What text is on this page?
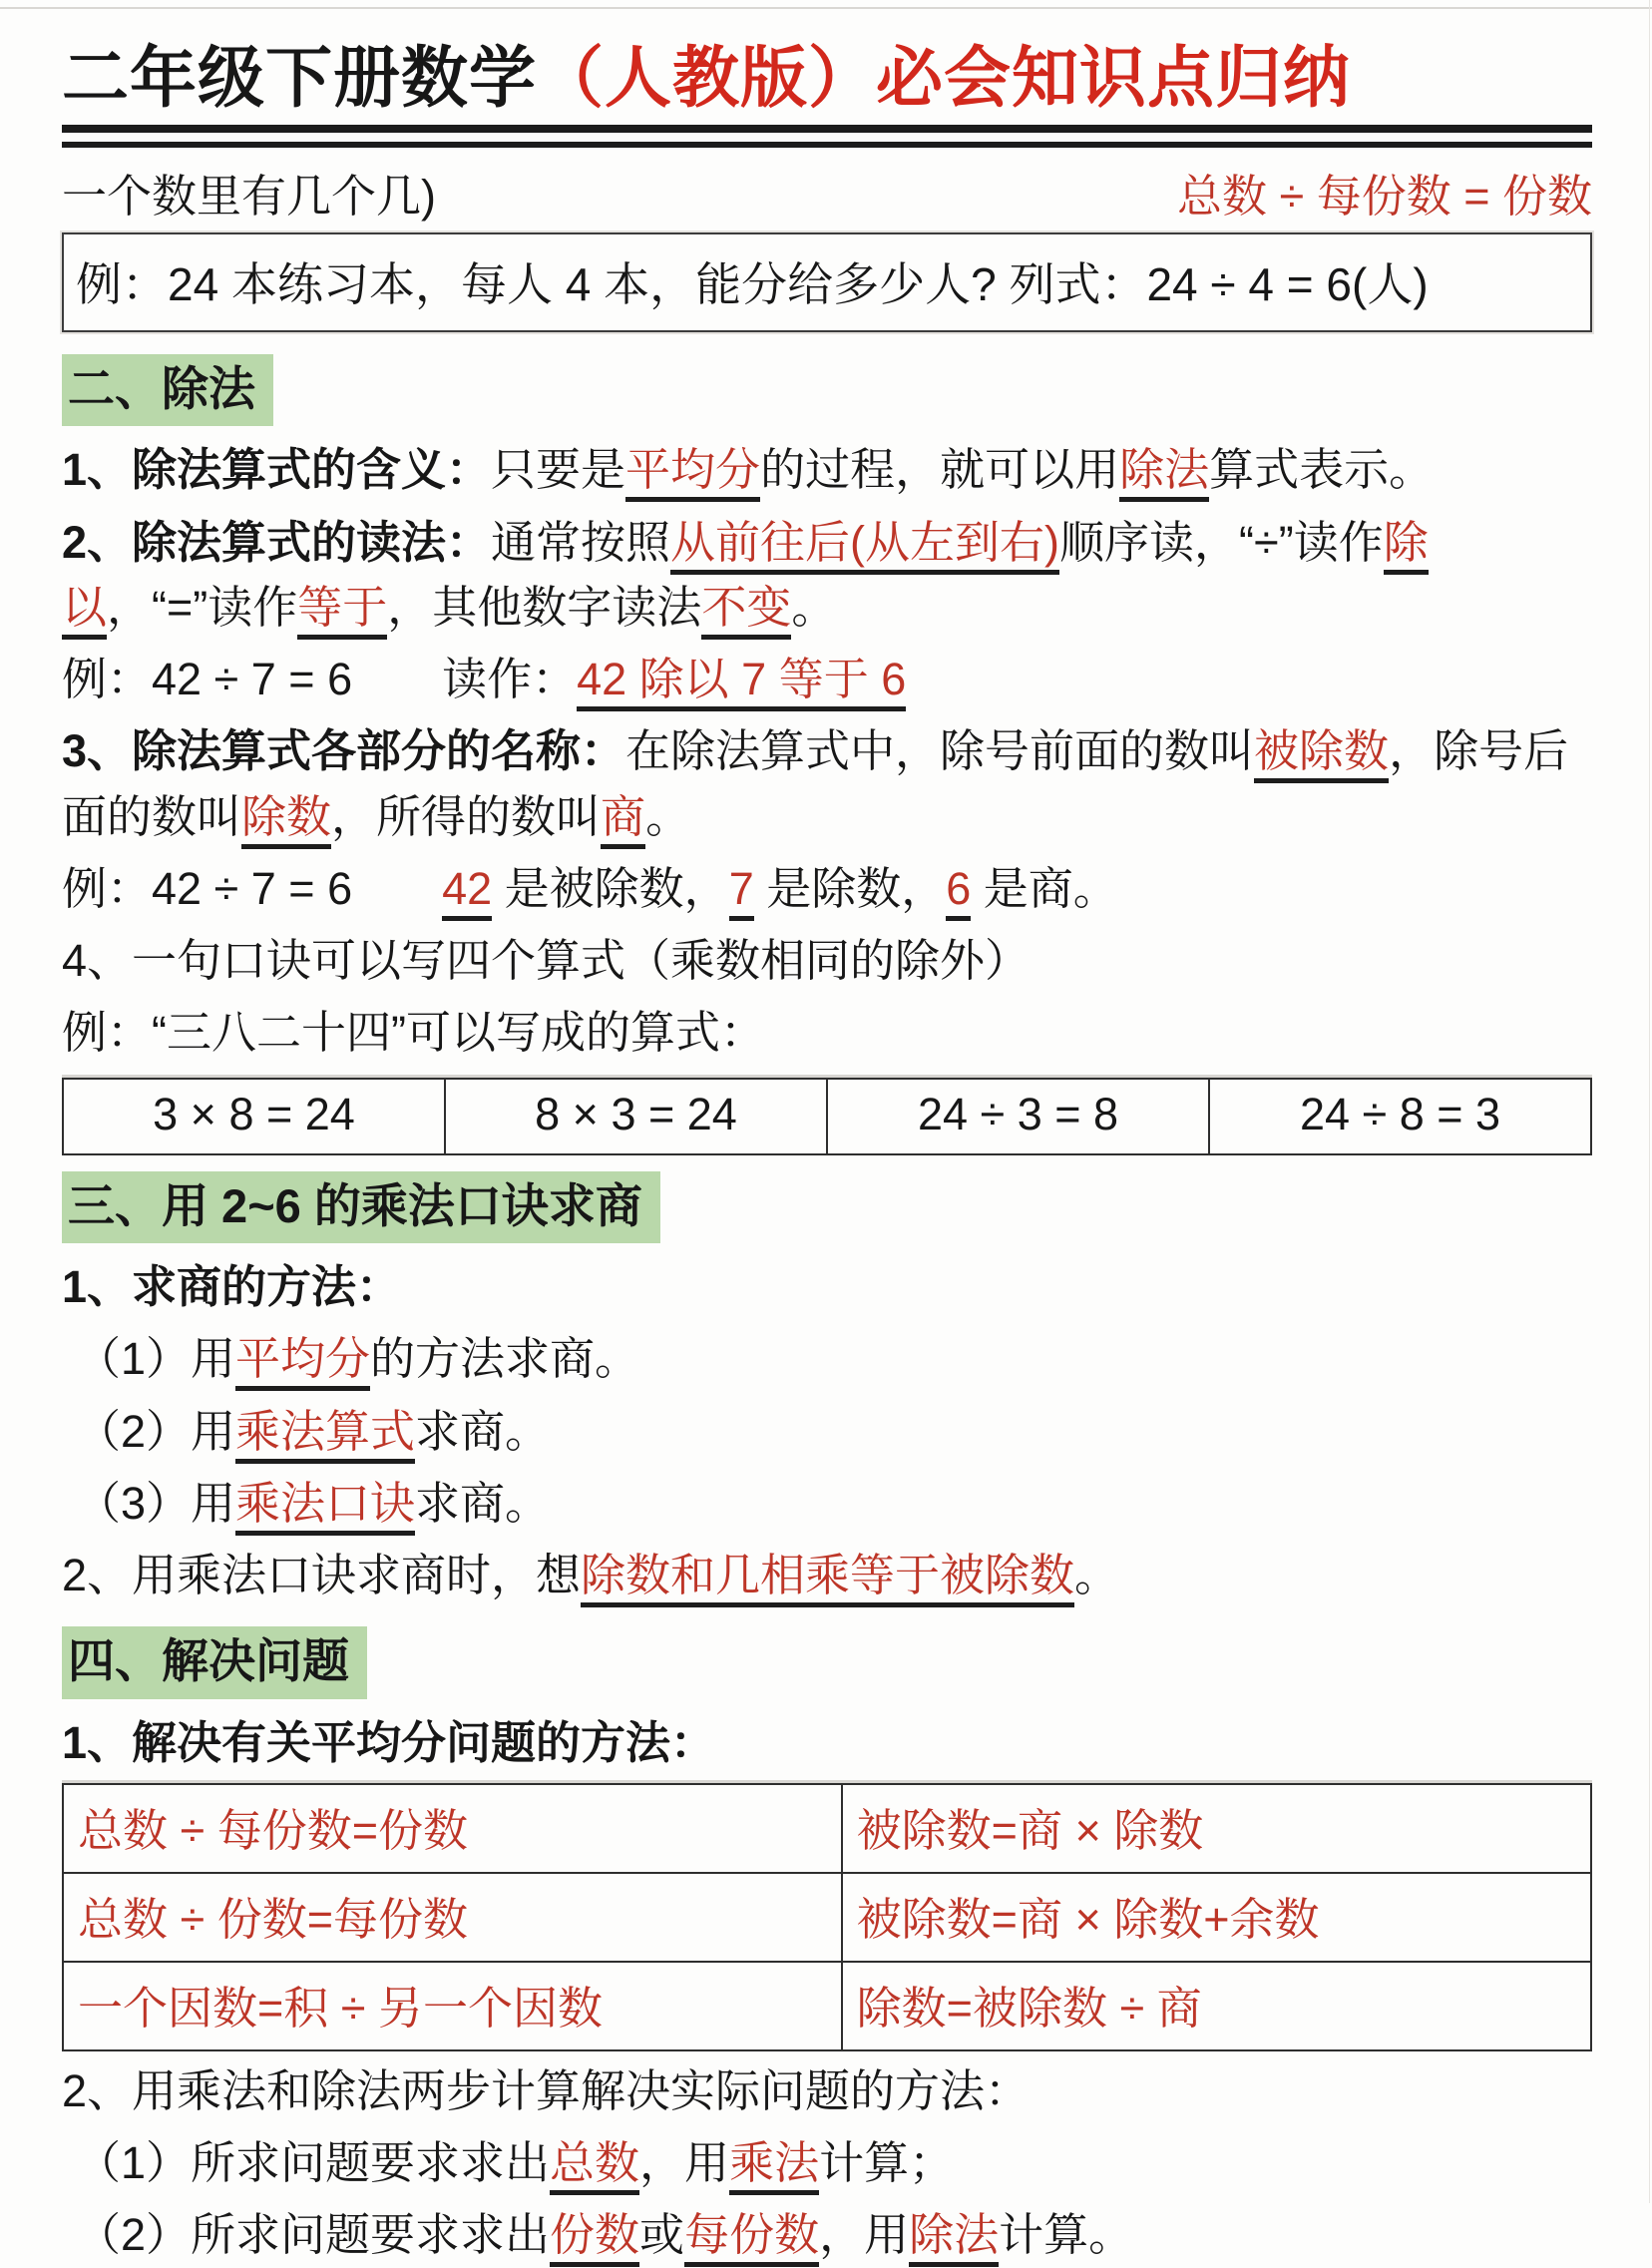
二年级下册数学（人教版）必会知识点归纳
一个数里有几个几)	总数 ÷ 每份数 = 份数
例：24 本练习本，每人 4 本，能分给多少人? 列式：24 ÷ 4 = 6(人)
二、除法

1、除法算式的含义：只要是平均分的过程，就可以用除法算式表示。

2、除法算式的读法：通常按照从前往后(从左到右)顺序读，“÷”读作除以，“=”读作等于，其他数字读法不变。

例：42 ÷ 7 = 6　　读作：42 除以 7 等于 6

3、除法算式各部分的名称：在除法算式中，除号前面的数叫被除数，除号后面的数叫除数，所得的数叫商。

例：42 ÷ 7 = 6　　42 是被除数，7 是除数，6 是商。

4、一句口诀可以写四个算式（乘数相同的除外）

例：“三八二十四”可以写成的算式：

3 × 8 = 24	8 × 3 = 24	24 ÷ 3 = 8	24 ÷ 8 = 3
三、用 2~6 的乘法口诀求商

1、求商的方法：

（1）用平均分的方法求商。

（2）用乘法算式求商。

（3）用乘法口诀求商。

2、用乘法口诀求商时，想除数和几相乘等于被除数。

四、解决问题

1、解决有关平均分问题的方法：

总数 ÷ 每份数=份数	被除数=商 × 除数
总数 ÷ 份数=每份数	被除数=商 × 除数+余数
一个因数=积 ÷ 另一个因数	除数=被除数 ÷ 商

2、用乘法和除法两步计算解决实际问题的方法：

（1）所求问题要求求出总数，用乘法计算；

（2）所求问题要求求出份数或每份数，用除法计算。
